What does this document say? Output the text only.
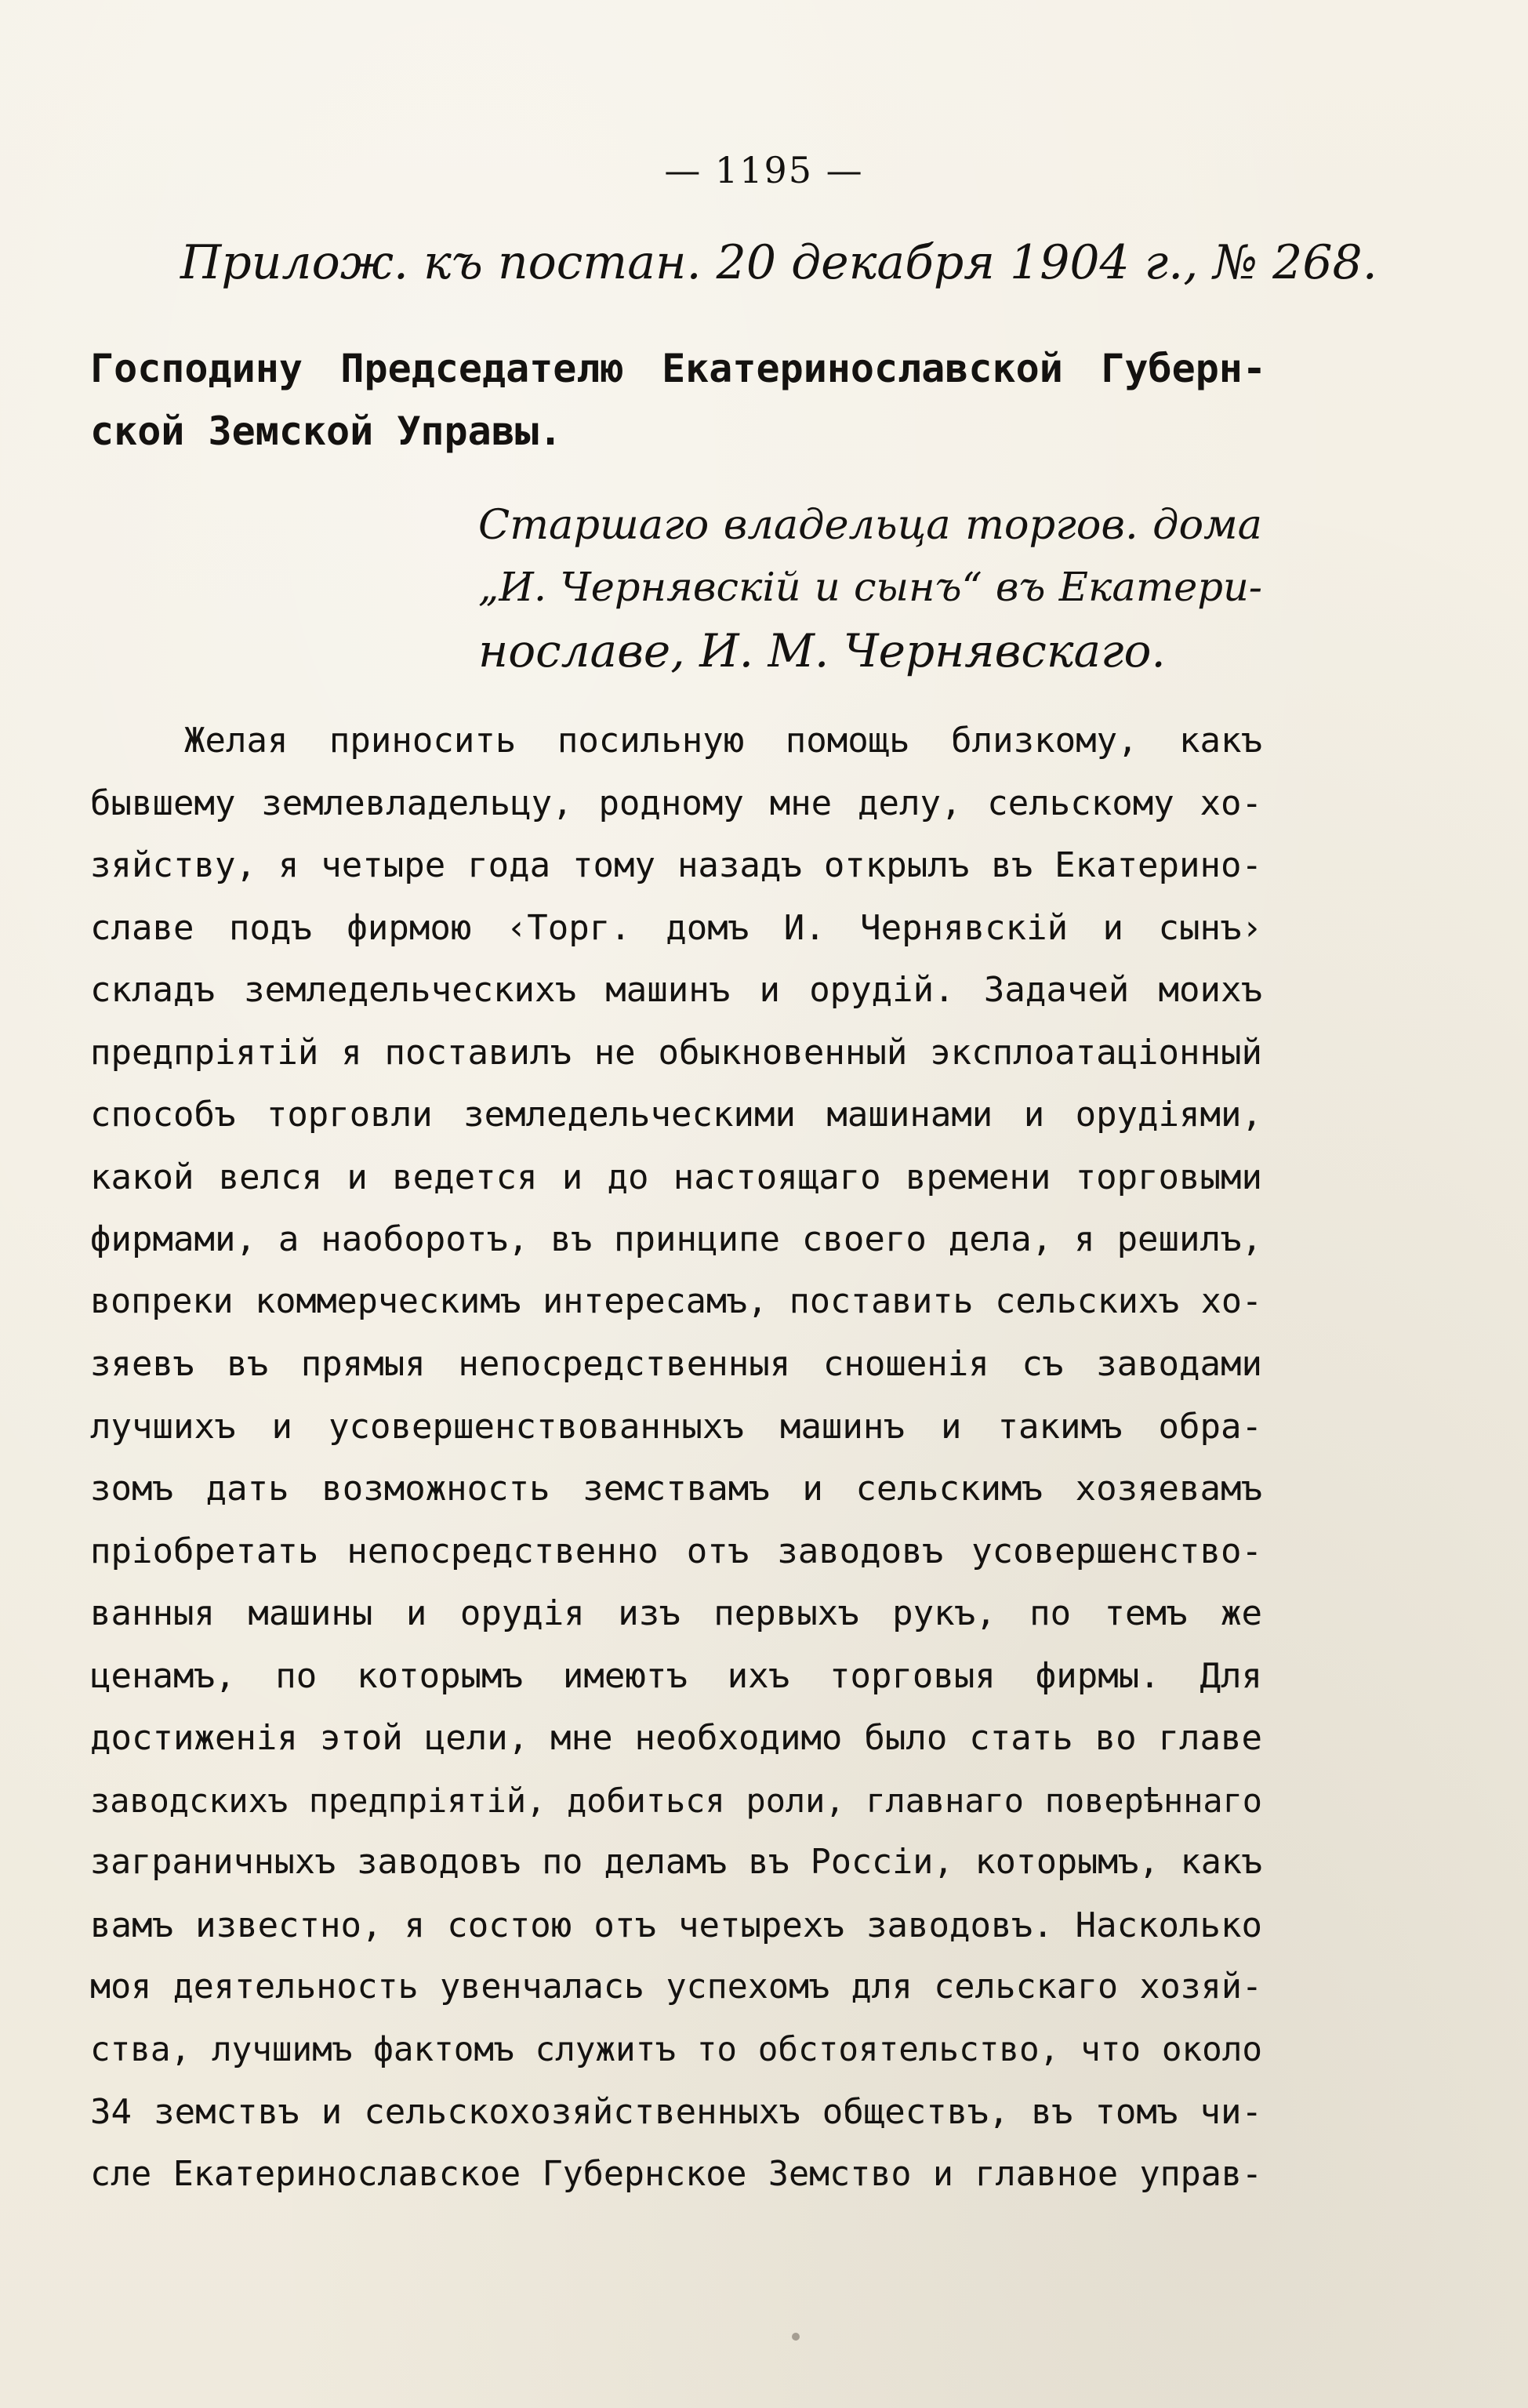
— 1195 —
Прилож. къ постан. 20 декабря 1904 г., № 268.
Господину Председателю Екатеринославской Губерн-
ской Земской Управы.
Старшаго владельца торгов. дома
„И. Чернявскій и сынъ“ въ Екатери-
нославе, И. М. Чернявскаго.
Желая приносить посильную помощь близкому, какъ
бывшему землевладельцу, родному мне делу, сельскому хо-
зяйству, я четыре года тому назадъ открылъ въ Екатерино-
славе подъ фирмою ‹Торг. домъ И. Чернявскій и сынъ›
складъ земледельческихъ машинъ и орудій. Задачей моихъ
предпріятій я поставилъ не обыкновенный эксплоатаціонный
способъ торговли земледельческими машинами и орудіями,
какой велся и ведется и до настоящаго времени торговыми
фирмами, а наоборотъ, въ принципе своего дела, я решилъ,
вопреки коммерческимъ интересамъ, поставить сельскихъ хо-
зяевъ въ прямыя непосредственныя сношенія съ заводами
лучшихъ и усовершенствованныхъ машинъ и такимъ обра-
зомъ дать возможность земствамъ и сельскимъ хозяевамъ
пріобретать непосредственно отъ заводовъ усовершенство-
ванныя машины и орудія изъ первыхъ рукъ, по темъ же
ценамъ, по которымъ имеютъ ихъ торговыя фирмы. Для
достиженія этой цели, мне необходимо было стать во главе
заводскихъ предпріятій, добиться роли, главнаго поверѣннаго
заграничныхъ заводовъ по деламъ въ Россіи, которымъ, какъ
вамъ известно, я состою отъ четырехъ заводовъ. Насколько
моя деятельность увенчалась успехомъ для сельскаго хозяй-
ства, лучшимъ фактомъ служитъ то обстоятельство, что около
34 земствъ и сельскохозяйственныхъ обществъ, въ томъ чи-
сле Екатеринославское Губернское Земство и главное управ-
